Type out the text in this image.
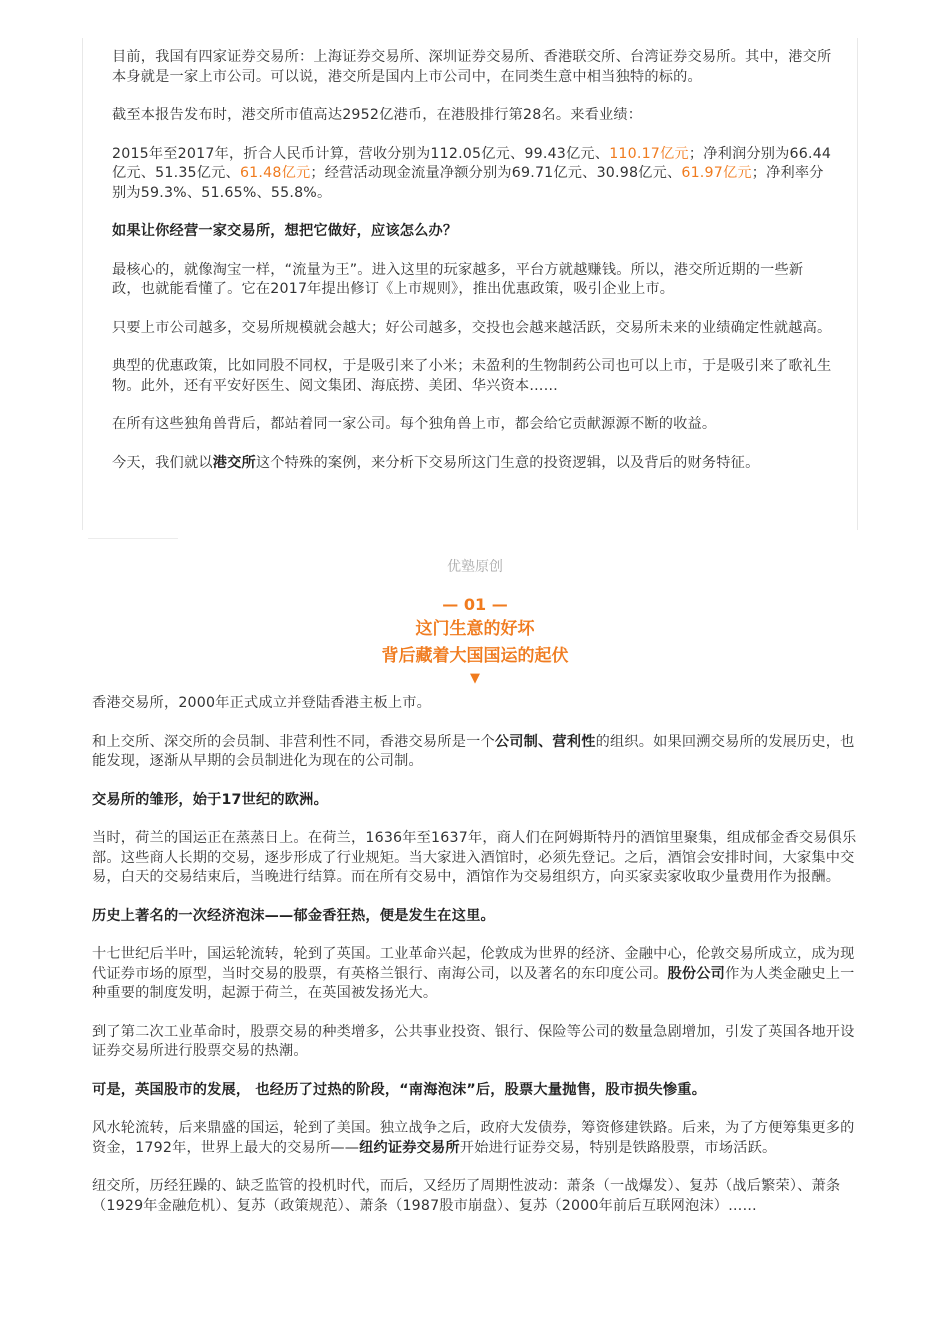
目前，我国有四家证券交易所：上海证券交易所、深圳证券交易所、香港联交所、台湾证券交易所。其中，港交所本身就是一家上市公司。可以说，港交所是国内上市公司中，在同类生意中相当独特的标的。

截至本报告发布时，港交所市值高达2952亿港币，在港股排行第28名。来看业绩：

2015年至2017年，折合人民币计算，营收分别为112.05亿元、99.43亿元、110.17亿元；净利润分别为66.44亿元、51.35亿元、61.48亿元；经营活动现金流量净额分别为69.71亿元、30.98亿元、61.97亿元；净利率分别为59.3%、51.65%、55.8%。

如果让你经营一家交易所，想把它做好，应该怎么办？

最核心的，就像淘宝一样，“流量为王”。进入这里的玩家越多，平台方就越赚钱。所以，港交所近期的一些新政，也就能看懂了。它在2017年提出修订《上市规则》，推出优惠政策，吸引企业上市。

只要上市公司越多，交易所规模就会越大；好公司越多，交投也会越来越活跃，交易所未来的业绩确定性就越高。

典型的优惠政策，比如同股不同权，于是吸引来了小米；未盈利的生物制药公司也可以上市，于是吸引来了歌礼生物。此外，还有平安好医生、阅文集团、海底捞、美团、华兴资本……

在所有这些独角兽背后，都站着同一家公司。每个独角兽上市，都会给它贡献源源不断的收益。

今天，我们就以港交所这个特殊的案例，来分析下交易所这门生意的投资逻辑，以及背后的财务特征。

优塾原创
— 01 —
这门生意的好坏
背后藏着大国国运的起伏
▼

香港交易所，2000年正式成立并登陆香港主板上市。

和上交所、深交所的会员制、非营利性不同，香港交易所是一个公司制、营利性的组织。如果回溯交易所的发展历史，也能发现，逐渐从早期的会员制进化为现在的公司制。

交易所的雏形，始于17世纪的欧洲。

当时，荷兰的国运正在蒸蒸日上。在荷兰，1636年至1637年，商人们在阿姆斯特丹的酒馆里聚集，组成郁金香交易俱乐部。这些商人长期的交易，逐步形成了行业规矩。当大家进入酒馆时，必须先登记。之后，酒馆会安排时间，大家集中交易，白天的交易结束后，当晚进行结算。而在所有交易中，酒馆作为交易组织方，向买家卖家收取少量费用作为报酬。

历史上著名的一次经济泡沫——郁金香狂热，便是发生在这里。

十七世纪后半叶，国运轮流转，轮到了英国。工业革命兴起，伦敦成为世界的经济、金融中心，伦敦交易所成立，成为现代证券市场的原型，当时交易的股票，有英格兰银行、南海公司，以及著名的东印度公司。股份公司作为人类金融史上一种重要的制度发明，起源于荷兰，在英国被发扬光大。

到了第二次工业革命时，股票交易的种类增多，公共事业投资、银行、保险等公司的数量急剧增加，引发了英国各地开设证券交易所进行股票交易的热潮。

可是，英国股市的发展， 也经历了过热的阶段，“南海泡沫”后，股票大量抛售，股市损失惨重。

风水轮流转，后来鼎盛的国运，轮到了美国。独立战争之后，政府大发债券，筹资修建铁路。后来，为了方便筹集更多的资金，1792年，世界上最大的交易所——纽约证券交易所开始进行证券交易，特别是铁路股票，市场活跃。

纽交所，历经狂躁的、缺乏监管的投机时代，而后，又经历了周期性波动：萧条（一战爆发）、复苏（战后繁荣）、萧条（1929年金融危机）、复苏（政策规范）、萧条（1987股市崩盘）、复苏（2000年前后互联网泡沫）……
